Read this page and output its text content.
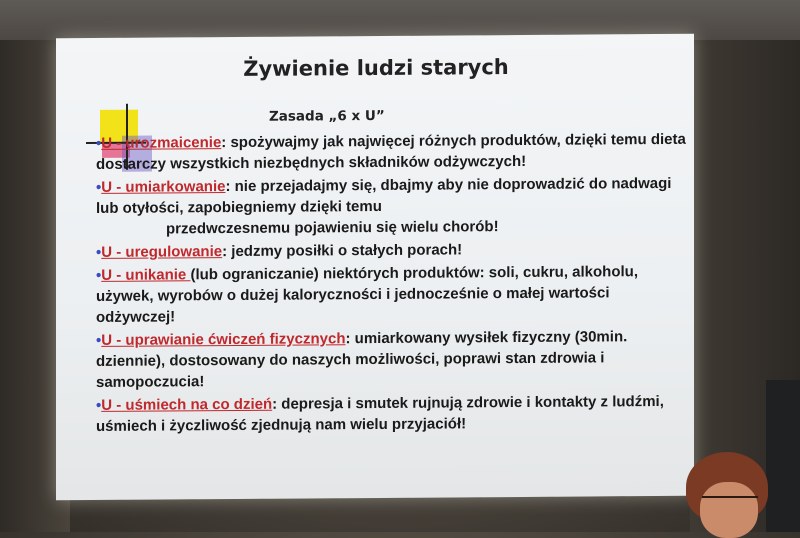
Żywienie ludzi starych
Zasada „6 x U”
•U - urozmaicenie: spożywajmy jak najwięcej różnych produktów, dzięki temu dieta dostarczy wszystkich niezbędnych składników odżywczych!
•U - umiarkowanie: nie przejadajmy się, dbajmy aby nie doprowadzić do nadwagi lub otyłości, zapobiegniemy dzięki temu
przedwczesnemu pojawieniu się wielu chorób!
•U - uregulowanie: jedzmy posiłki o stałych porach!
•U - unikanie (lub ograniczanie) niektórych produktów: soli, cukru, alkoholu, używek, wyrobów o dużej kaloryczności i jednocześnie o małej wartości odżywczej!
•U - uprawianie ćwiczeń fizycznych: umiarkowany wysiłek fizyczny (30min. dziennie), dostosowany do naszych możliwości, poprawi stan zdrowia i samopoczucia!
•U - uśmiech na co dzień: depresja i smutek rujnują zdrowie i kontakty z ludźmi, uśmiech i życzliwość zjednują nam wielu przyjaciół!
